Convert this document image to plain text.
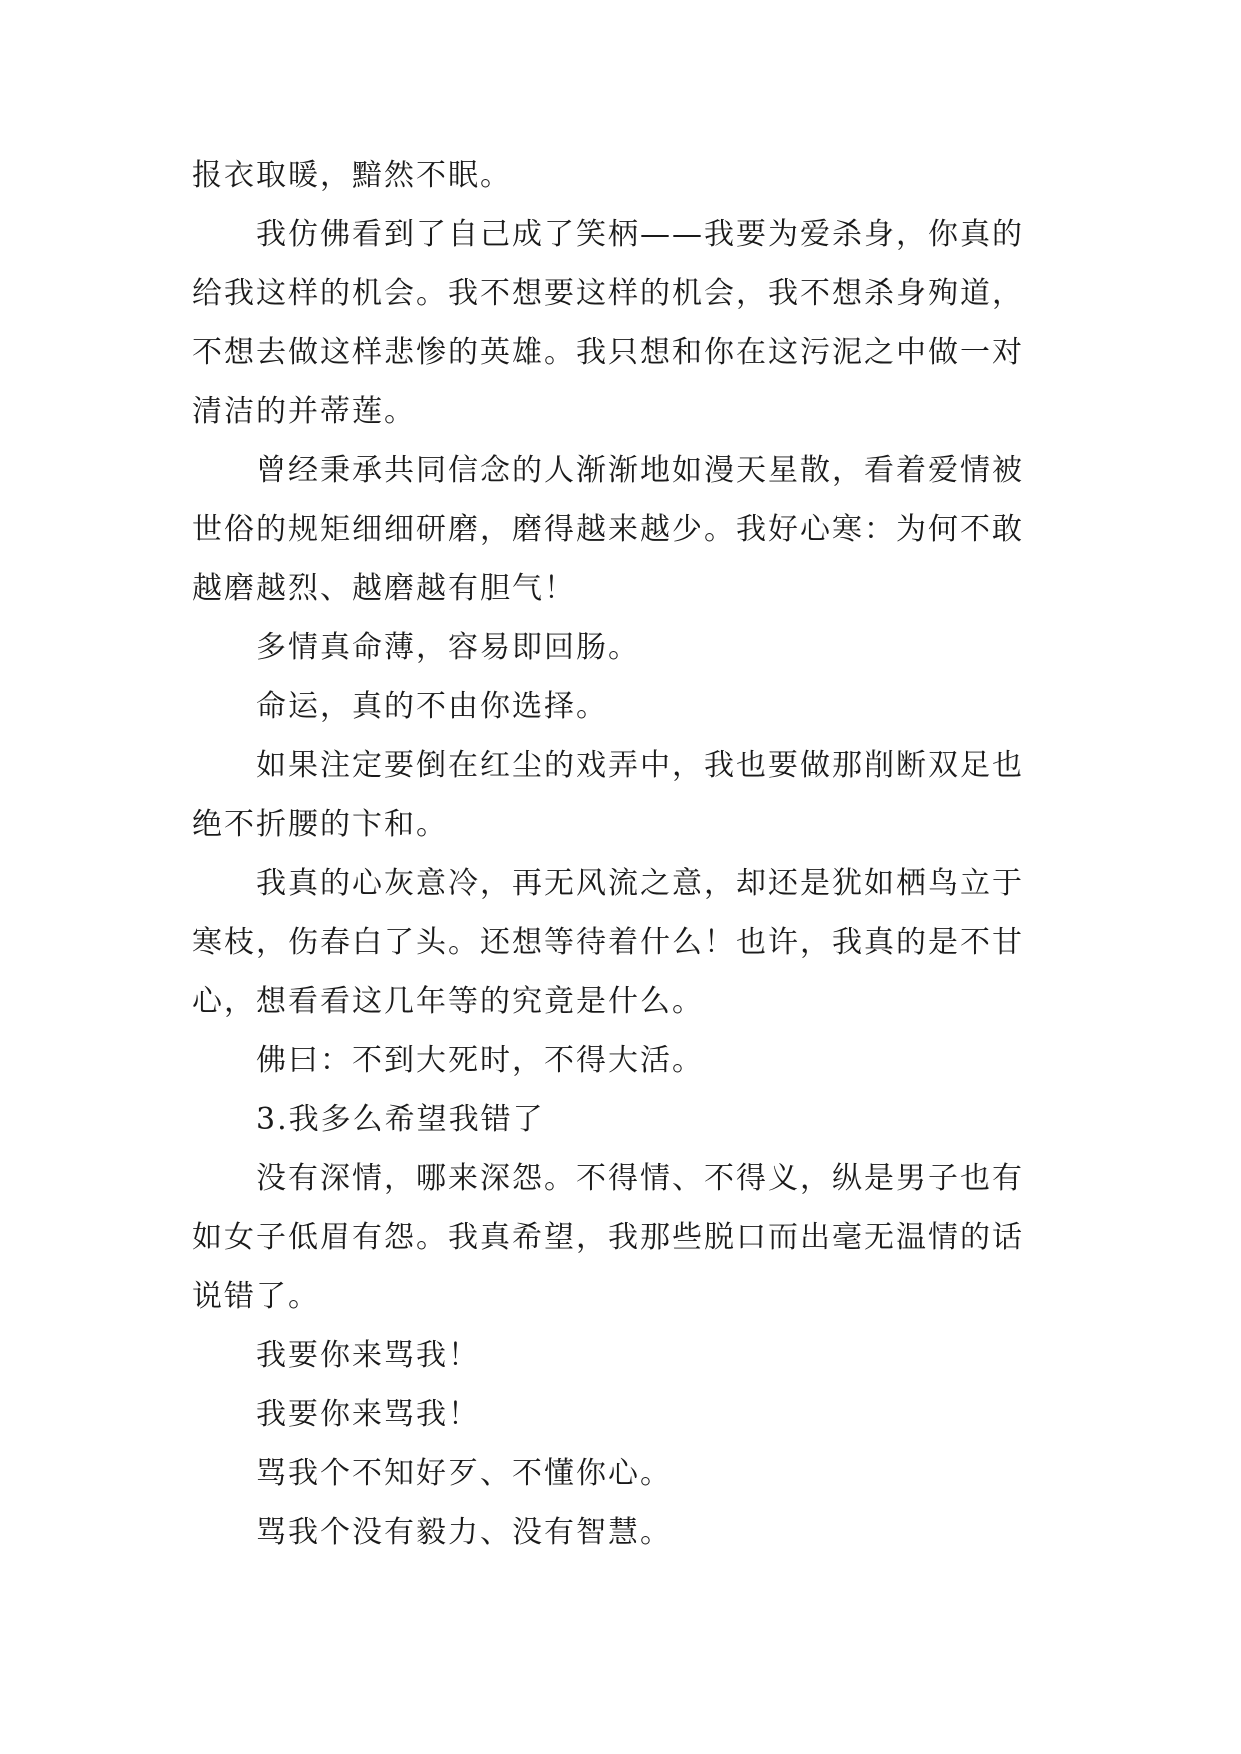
报衣取暖，黯然不眠。
我仿佛看到了自己成了笑柄——我要为爱杀身，你真的
给我这样的机会。我不想要这样的机会，我不想杀身殉道，
不想去做这样悲惨的英雄。我只想和你在这污泥之中做一对
清洁的并蒂莲。
曾经秉承共同信念的人渐渐地如漫天星散，看着爱情被
世俗的规矩细细研磨，磨得越来越少。我好心寒：为何不敢
越磨越烈、越磨越有胆气！
多情真命薄，容易即回肠。
命运，真的不由你选择。
如果注定要倒在红尘的戏弄中，我也要做那削断双足也
绝不折腰的卞和。
我真的心灰意冷，再无风流之意，却还是犹如栖鸟立于
寒枝，伤春白了头。还想等待着什么！也许，我真的是不甘
心，想看看这几年等的究竟是什么。
佛曰：不到大死时，不得大活。
3.我多么希望我错了
没有深情，哪来深怨。不得情、不得义，纵是男子也有
如女子低眉有怨。我真希望，我那些脱口而出毫无温情的话
说错了。
我要你来骂我！
我要你来骂我！
骂我个不知好歹、不懂你心。
骂我个没有毅力、没有智慧。
